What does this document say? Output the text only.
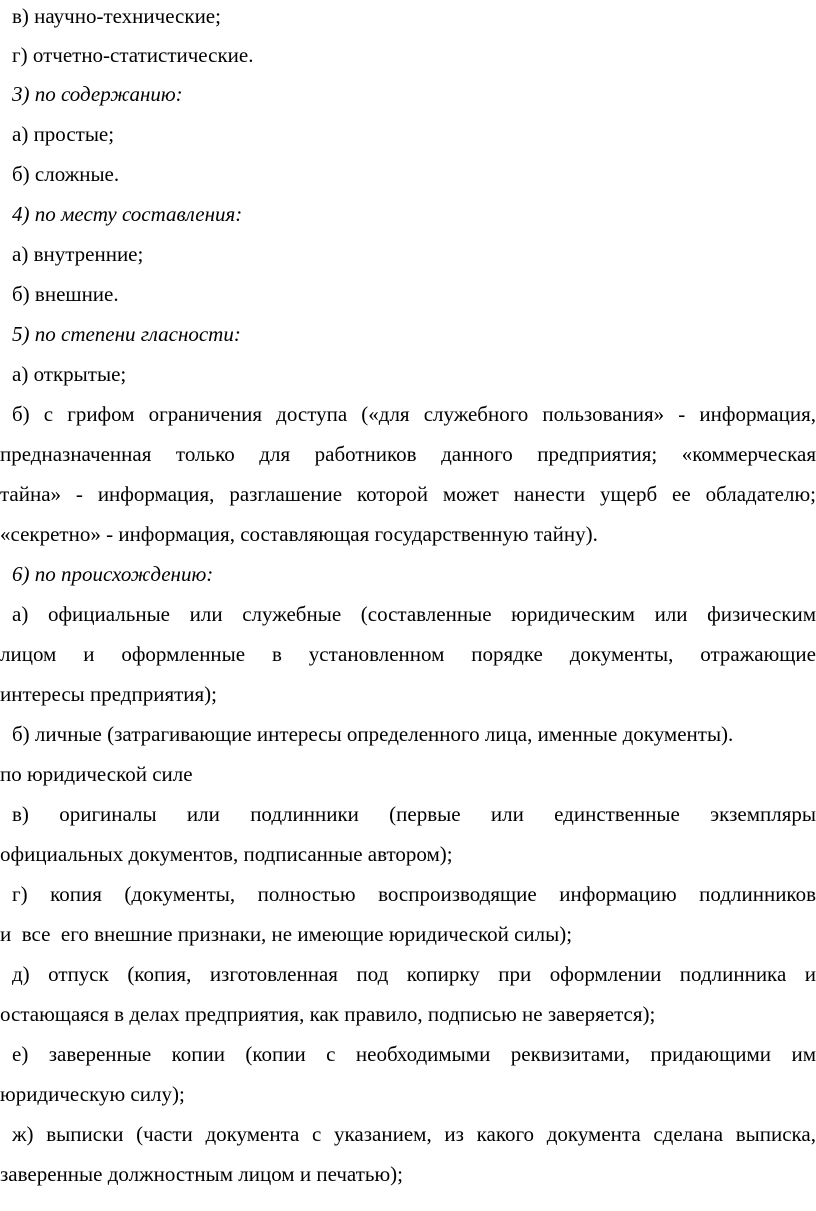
в) научно-технические;
г) отчетно-статистические.
3) по содержанию:
а) простые;
б) сложные.
4) по месту составления:
а) внутренние;
б) внешние.
5) по степени гласности:
а) открытые;
б) с грифом ограничения доступа («для служебного пользования» - информация,
предназначенная только для работников данного предприятия; «коммерческая
тайна» - информация, разглашение которой может нанести ущерб ее обладателю;
«секретно» - информация, составляющая государственную тайну).
6) по происхождению:
а) официальные или служебные (составленные юридическим или физическим
лицом и оформленные в установленном порядке документы, отражающие
интересы предприятия);
б) личные (затрагивающие интересы определенного лица, именные документы).
по юридической силе
в) оригиналы или подлинники (первые или единственные экземпляры
официальных документов, подписанные автором);
г) копия (документы, полностью воспроизводящие информацию подлинников
и  все  его внешние признаки, не имеющие юридической силы);
д) отпуск (копия, изготовленная под копирку при оформлении подлинника и
остающаяся в делах предприятия, как правило, подписью не заверяется);
е) заверенные копии (копии с необходимыми реквизитами, придающими им
юридическую силу);
ж) выписки (части документа с указанием, из какого документа сделана выписка,
заверенные должностным лицом и печатью);
